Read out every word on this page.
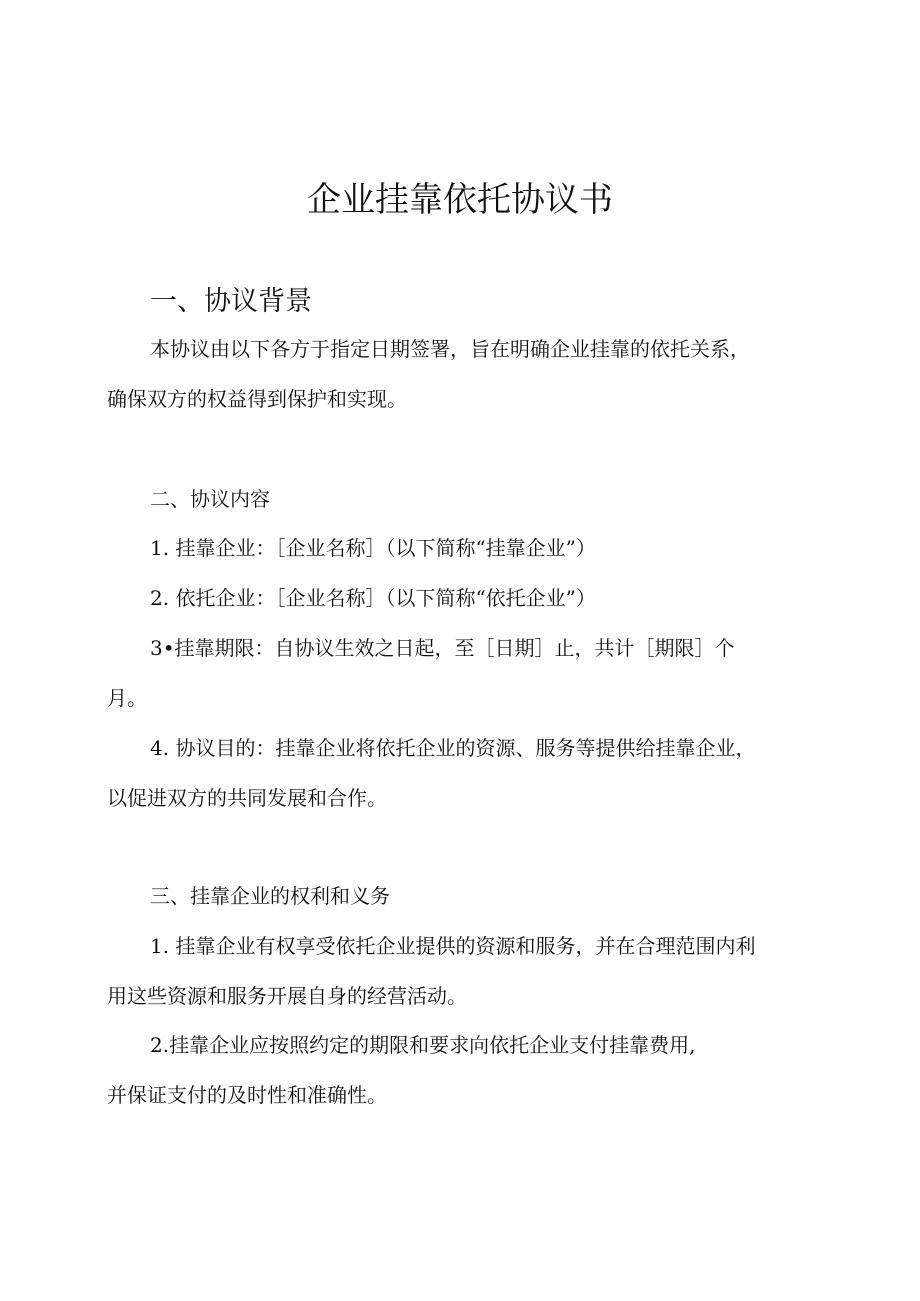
企业挂靠依托协议书
一、协议背景

本协议由以下各方于指定日期签署，旨在明确企业挂靠的依托关系，

确保双方的权益得到保护和实现。

二、协议内容

1. 挂靠企业：［企业名称］（以下简称“挂靠企业”）

2. 依托企业：［企业名称］（以下简称“依托企业”）

3•挂靠期限：自协议生效之日起，至［日期］止，共计［期限］个

月。

4. 协议目的：挂靠企业将依托企业的资源、服务等提供给挂靠企业，

以促进双方的共同发展和合作。

三、挂靠企业的权利和义务

1. 挂靠企业有权享受依托企业提供的资源和服务，并在合理范围内利

用这些资源和服务开展自身的经营活动。

2.挂靠企业应按照约定的期限和要求向依托企业支付挂靠费用,

并保证支付的及时性和准确性。
